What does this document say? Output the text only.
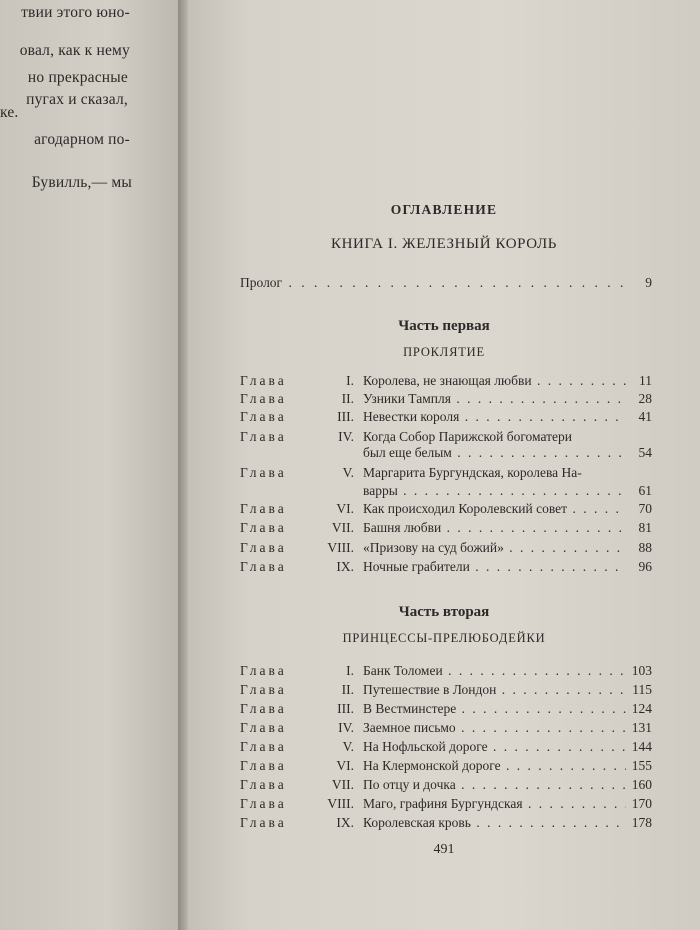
твии этого юно-
овал, как к нему
но прекрасные
пугах и сказал,
ке.
агодарном по-
Бувилль,— мы
ОГЛАВЛЕНИЕ
КНИГА I. ЖЕЛЕЗНЫЙ КОРОЛЬ
Пролог . . .	9
Часть первая
ПРОКЛЯТИЕ
Глава	I. Королева, не знающая любви . . .	11
Глава	II. Узники Тампля . . .	28
Глава	III. Невестки короля . . .	41
Глава	IV. Когда Собор Парижской богоматери
был еще белым . . .	54
Глава	V. Маргарита Бургундская, королева На-
варры . . .	61
Глава	VI. Как происходил Королевский совет . . .	70
Глава	VII. Башня любви . . .	81
Глава	VIII. «Призову на суд божий» . . .	88
Глава	IX. Ночные грабители . . .	96
Часть вторая
ПРИНЦЕССЫ-ПРЕЛЮБОДЕЙКИ
Глава	I. Банк Толомеи . . .	103
Глава	II. Путешествие в Лондон . . .	115
Глава	III. В Вестминстере . . .	124
Глава	IV. Заемное письмо . . .	131
Глава	V. На Нофльской дороге . . .	144
Глава	VI. На Клермонской дороге . . .	155
Глава	VII. По отцу и дочка . . .	160
Глава	VIII. Маго, графиня Бургундская . . .	170
Глава	IX. Королевская кровь . . .	178
491
